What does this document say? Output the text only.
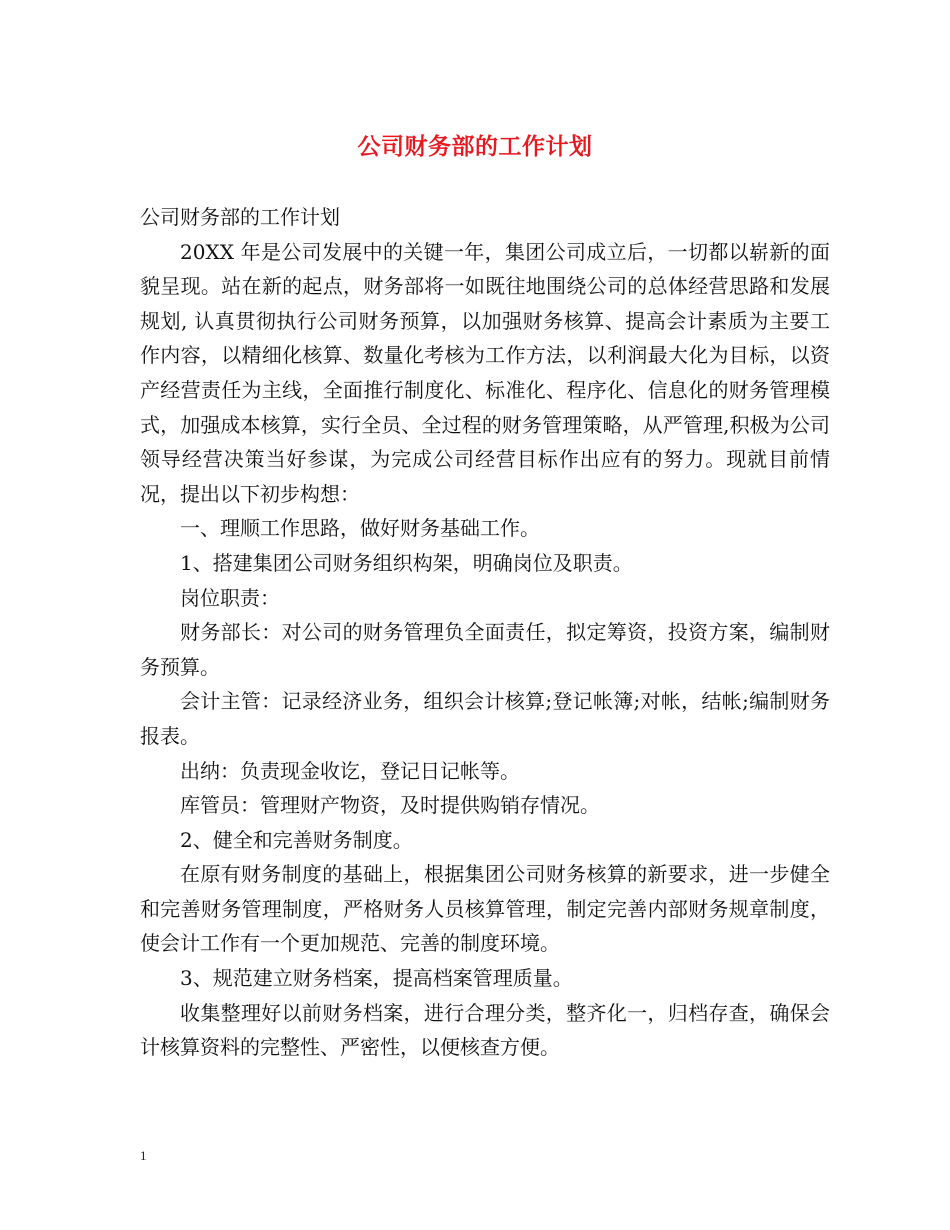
公司财务部的工作计划

公司财务部的工作计划

20XX 年是公司发展中的关键一年，集团公司成立后，一切都以崭新的面貌呈现。站在新的起点，财务部将一如既往地围绕公司的总体经营思路和发展规划, 认真贯彻执行公司财务预算，以加强财务核算、提高会计素质为主要工作内容，以精细化核算、数量化考核为工作方法，以利润最大化为目标，以资产经营责任为主线，全面推行制度化、标准化、程序化、信息化的财务管理模式，加强成本核算，实行全员、全过程的财务管理策略，从严管理,积极为公司领导经营决策当好参谋，为完成公司经营目标作出应有的努力。现就目前情况，提出以下初步构想：

一、理顺工作思路，做好财务基础工作。

1、搭建集团公司财务组织构架，明确岗位及职责。

岗位职责：

财务部长：对公司的财务管理负全面责任，拟定筹资，投资方案，编制财务预算。

会计主管：记录经济业务，组织会计核算;登记帐簿;对帐，结帐;编制财务报表。

出纳：负责现金收讫，登记日记帐等。

库管员：管理财产物资，及时提供购销存情况。

2、健全和完善财务制度。

在原有财务制度的基础上，根据集团公司财务核算的新要求，进一步健全和完善财务管理制度，严格财务人员核算管理，制定完善内部财务规章制度，使会计工作有一个更加规范、完善的制度环境。

3、规范建立财务档案，提高档案管理质量。

收集整理好以前财务档案，进行合理分类，整齐化一，归档存查，确保会计核算资料的完整性、严密性，以便核查方便。

1
